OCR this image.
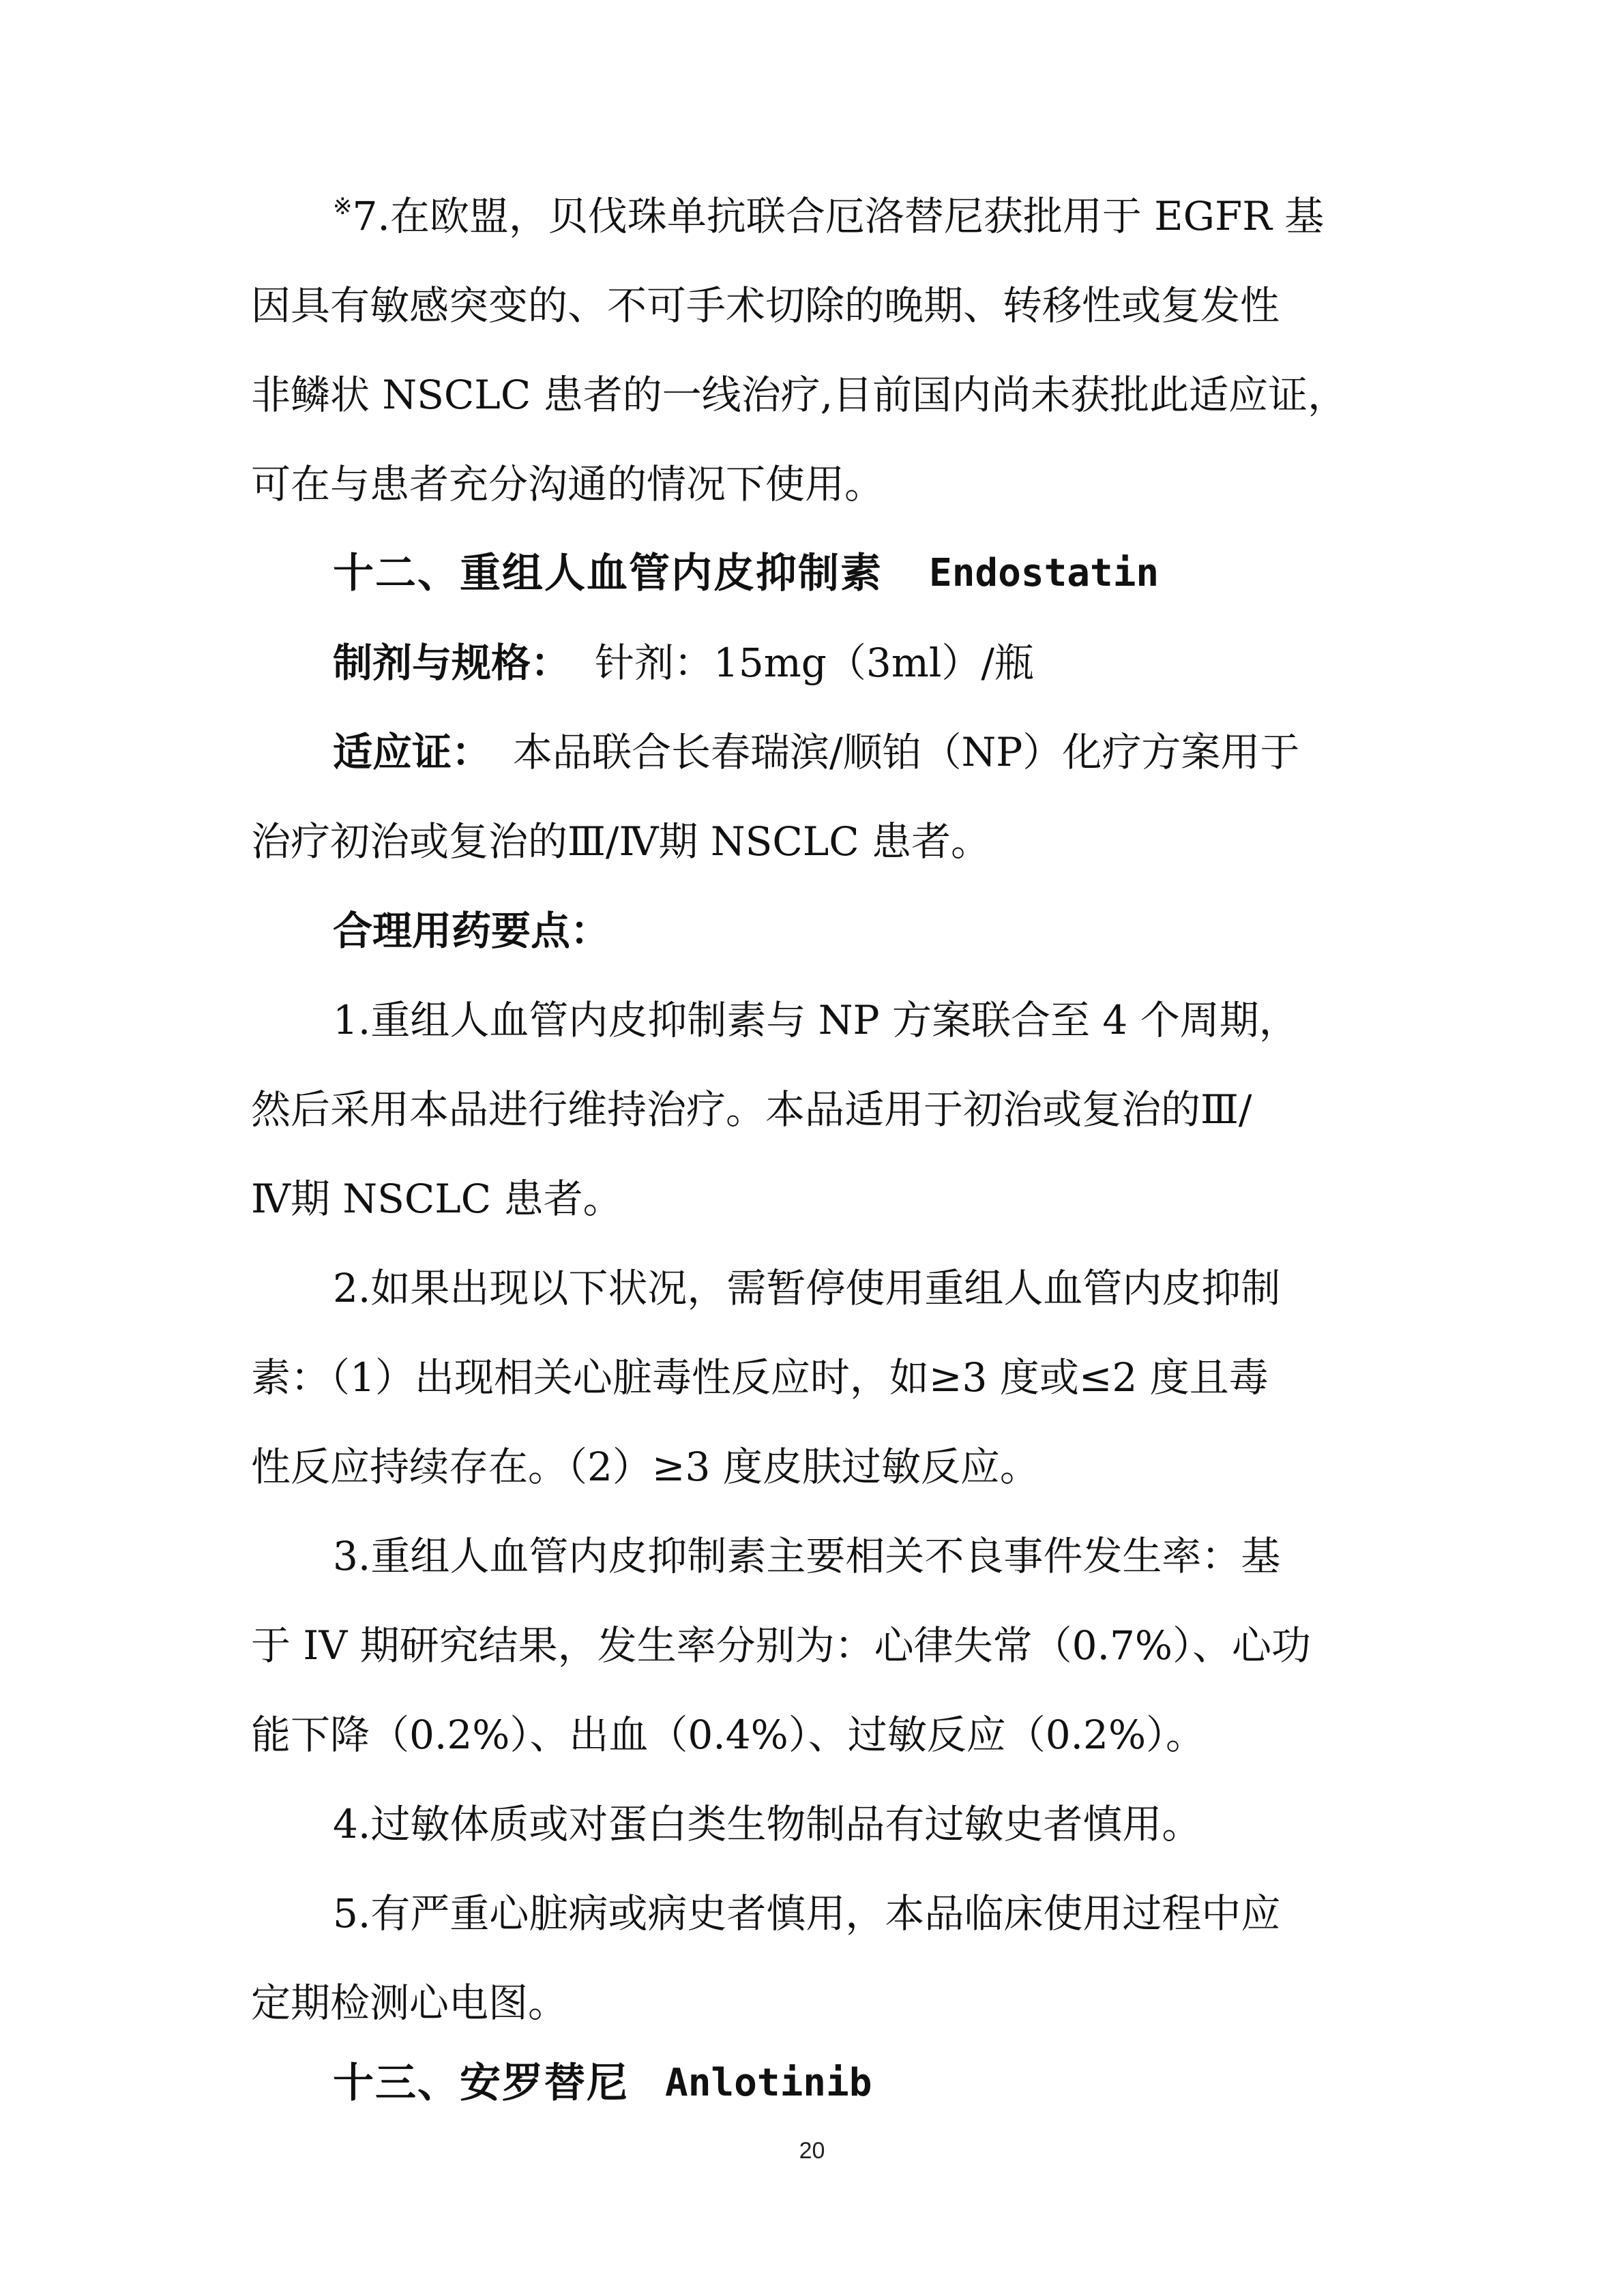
※7.在欧盟，贝伐珠单抗联合厄洛替尼获批用于 EGFR 基
因具有敏感突变的、不可手术切除的晚期、转移性或复发性
非鳞状 NSCLC 患者的一线治疗,目前国内尚未获批此适应证，
可在与患者充分沟通的情况下使用。
十二、重组人血管内皮抑制素 Endostatin
制剂与规格： 针剂：15mg（3ml）/瓶
适应证： 本品联合长春瑞滨/顺铂（NP）化疗方案用于
治疗初治或复治的Ⅲ/Ⅳ期 NSCLC 患者。
合理用药要点：
1.重组人血管内皮抑制素与 NP 方案联合至 4 个周期，
然后采用本品进行维持治疗。本品适用于初治或复治的Ⅲ/
Ⅳ期 NSCLC 患者。
2.如果出现以下状况，需暂停使用重组人血管内皮抑制
素：（1）出现相关心脏毒性反应时，如≥3 度或≤2 度且毒
性反应持续存在。（2）≥3 度皮肤过敏反应。
3.重组人血管内皮抑制素主要相关不良事件发生率：基
于 IV 期研究结果，发生率分别为：心律失常（0.7%）、心功
能下降（0.2%）、出血（0.4%）、过敏反应（0.2%）。
4.过敏体质或对蛋白类生物制品有过敏史者慎用。
5.有严重心脏病或病史者慎用，本品临床使用过程中应
定期检测心电图。
十三、安罗替尼 Anlotinib
20
